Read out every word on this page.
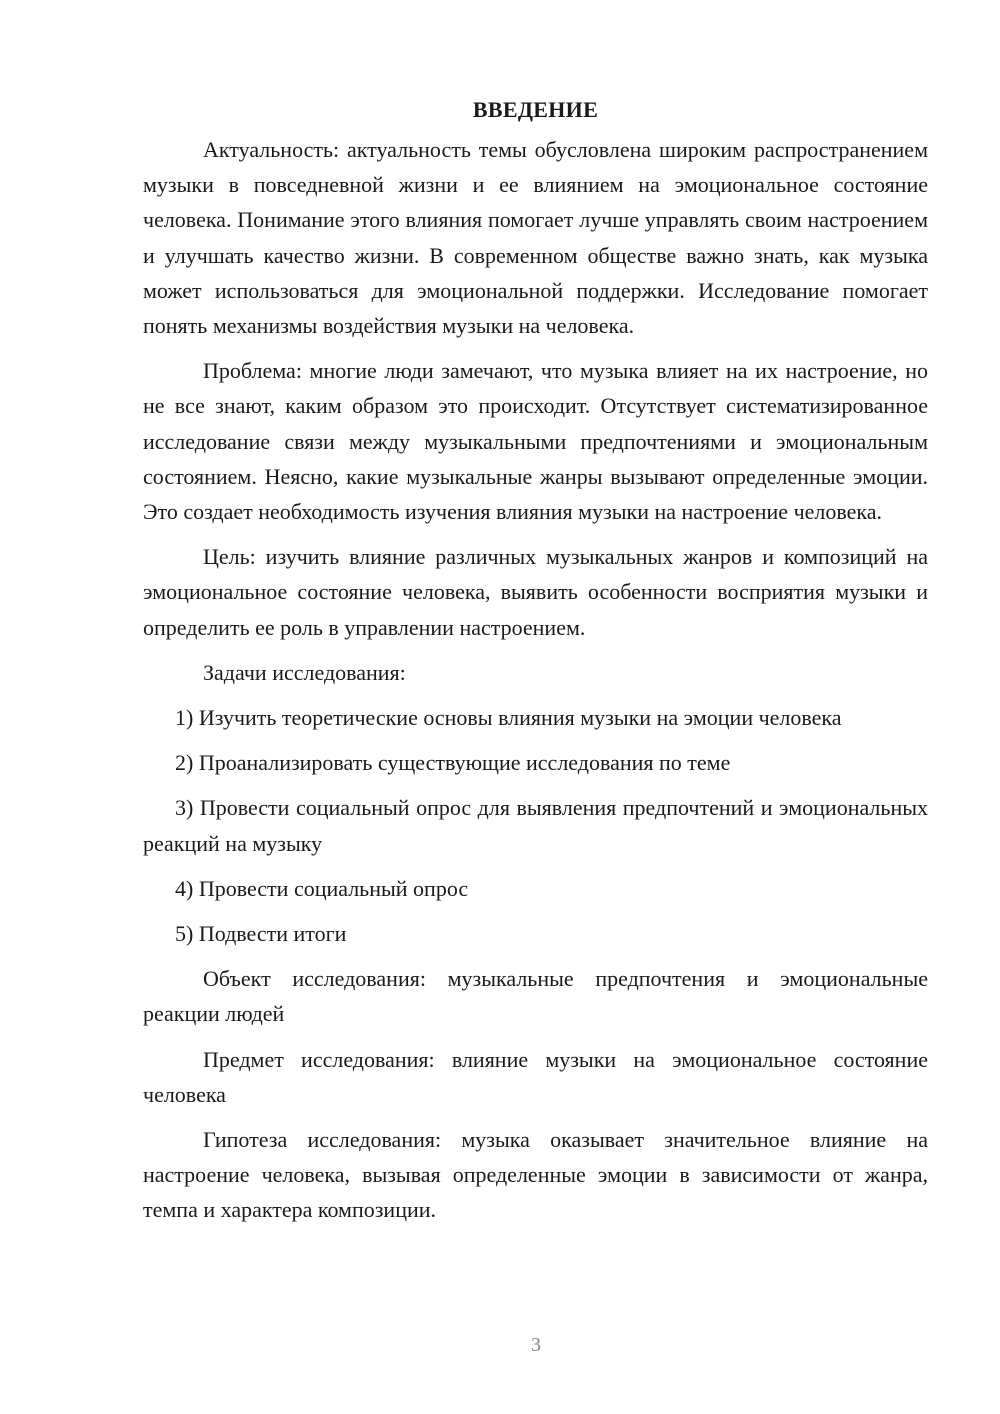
ВВЕДЕНИЕ

Актуальность: актуальность темы обусловлена широким распространением музыки в повседневной жизни и ее влиянием на эмоциональное состояние человека. Понимание этого влияния помогает лучше управлять своим настроением и улучшать качество жизни. В современном обществе важно знать, как музыка может использоваться для эмоциональной поддержки. Исследование помогает понять механизмы воздействия музыки на человека.

Проблема: многие люди замечают, что музыка влияет на их настроение, но не все знают, каким образом это происходит. Отсутствует систематизированное исследование связи между музыкальными предпочтениями и эмоциональным состоянием. Неясно, какие музыкальные жанры вызывают определенные эмоции. Это создает необходимость изучения влияния музыки на настроение человека.

Цель: изучить влияние различных музыкальных жанров и композиций на эмоциональное состояние человека, выявить особенности восприятия музыки и определить ее роль в управлении настроением.

Задачи исследования:

1) Изучить теоретические основы влияния музыки на эмоции человека

2) Проанализировать существующие исследования по теме

3) Провести социальный опрос для выявления предпочтений и эмоциональных реакций на музыку

4) Провести социальный опрос

5) Подвести итоги

Объект исследования: музыкальные предпочтения и эмоциональные реакции людей

Предмет исследования: влияние музыки на эмоциональное состояние человека

Гипотеза исследования: музыка оказывает значительное влияние на настроение человека, вызывая определенные эмоции в зависимости от жанра, темпа и характера композиции.

3
